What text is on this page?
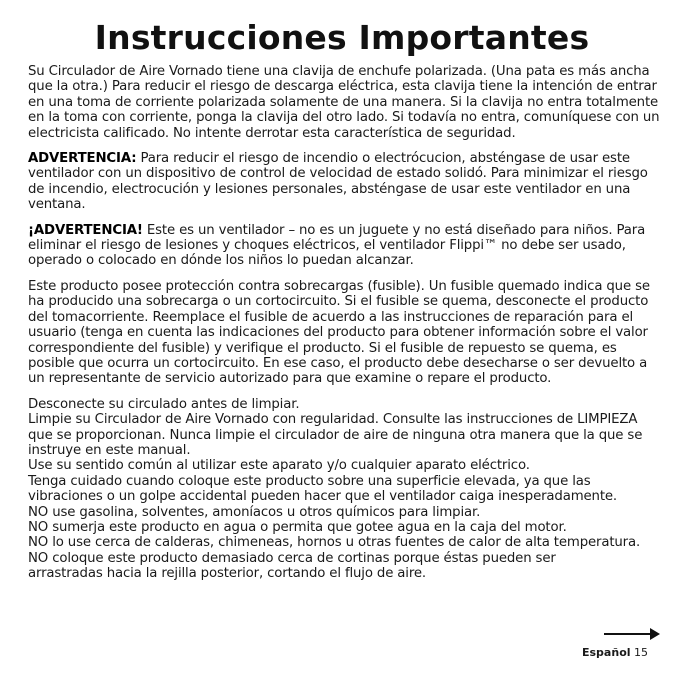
Instrucciones Importantes

Su Circulador de Aire Vornado tiene una clavija de enchufe polarizada. (Una pata es más ancha que la otra.) Para reducir el riesgo de descarga eléctrica, esta clavija tiene la intención de entrar en una toma de corriente polarizada solamente de una manera. Si la clavija no entra totalmente en la toma con corriente, ponga la clavija del otro lado. Si todavía no entra, comuníquese con un electricista calificado. No intente derrotar esta característica de seguridad.

ADVERTENCIA: Para reducir el riesgo de incendio o electrócucion, absténgase de usar este ventilador con un dispositivo de control de velocidad de estado solidó. Para minimizar el riesgo de incendio, electrocución y lesiones personales, absténgase de usar este ventilador en una ventana.

¡ADVERTENCIA! Este es un ventilador – no es un juguete y no está diseñado para niños. Para eliminar el riesgo de lesiones y choques eléctricos, el ventilador Flippi™ no debe ser usado, operado o colocado en dónde los niños lo puedan alcanzar.

Este producto posee protección contra sobrecargas (fusible). Un fusible quemado indica que se ha producido una sobrecarga o un cortocircuito. Si el fusible se quema, desconecte el producto del tomacorriente. Reemplace el fusible de acuerdo a las instrucciones de reparación para el usuario (tenga en cuenta las indicaciones del producto para obtener información sobre el valor correspondiente del fusible) y verifique el producto. Si el fusible de repuesto se quema, es posible que ocurra un cortocircuito. En ese caso, el producto debe desecharse o ser devuelto a un representante de servicio autorizado para que examine o repare el producto.

Desconecte su circulado antes de limpiar.
Limpie su Circulador de Aire Vornado con regularidad. Consulte las instrucciones de LIMPIEZA que se proporcionan. Nunca limpie el circulador de aire de ninguna otra manera que la que se instruye en este manual.
Use su sentido común al utilizar este aparato y/o cualquier aparato eléctrico.
Tenga cuidado cuando coloque este producto sobre una superficie elevada, ya que las vibraciones o un golpe accidental pueden hacer que el ventilador caiga inesperadamente.
NO use gasolina, solventes, amoníacos u otros químicos para limpiar.
NO sumerja este producto en agua o permita que gotee agua en la caja del motor.
NO lo use cerca de calderas, chimeneas, hornos u otras fuentes de calor de alta temperatura.
NO coloque este producto demasiado cerca de cortinas porque éstas pueden ser arrastradas hacia la rejilla posterior, cortando el flujo de aire.
Español 15
